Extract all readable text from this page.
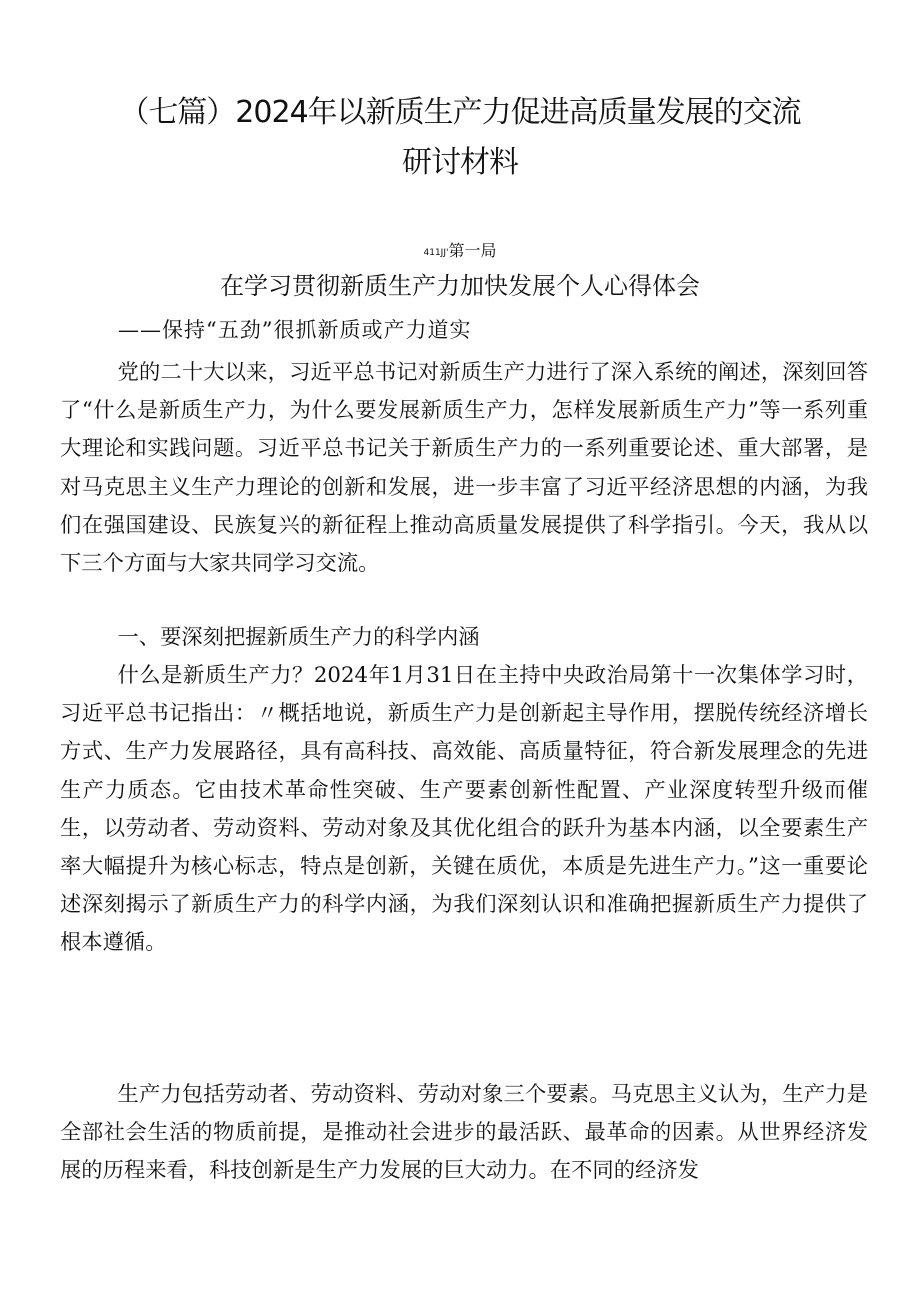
（七篇）2024年以新质生产力促进高质量发展的交流
研讨材料
411JJ'第一局
在学习贯彻新质生产力加快发展个人心得体会
——保持“五劲”很抓新质或产力道实

党的二十大以来，习近平总书记对新质生产力进行了深入系统的阐述，深刻回答了“什么是新质生产力，为什么要发展新质生产力，怎样发展新质生产力”等一系列重大理论和实践问题。习近平总书记关于新质生产力的一系列重要论述、重大部署，是对马克思主义生产力理论的创新和发展，进一步丰富了习近平经济思想的内涵，为我们在强国建设、民族复兴的新征程上推动高质量发展提供了科学指引。今天，我从以下三个方面与大家共同学习交流。

一、要深刻把握新质生产力的科学内涵

什么是新质生产力？2024年1月31日在主持中央政治局第十一次集体学习时，习近平总书记指出：〃概括地说，新质生产力是创新起主导作用，摆脱传统经济增长方式、生产力发展路径，具有高科技、高效能、高质量特征，符合新发展理念的先进生产力质态。它由技术革命性突破、生产要素创新性配置、产业深度转型升级而催生，以劳动者、劳动资料、劳动对象及其优化组合的跃升为基本内涵，以全要素生产率大幅提升为核心标志，特点是创新，关键在质优，本质是先进生产力。”这一重要论述深刻揭示了新质生产力的科学内涵，为我们深刻认识和准确把握新质生产力提供了根本遵循。

生产力包括劳动者、劳动资料、劳动对象三个要素。马克思主义认为，生产力是全部社会生活的物质前提，是推动社会进步的最活跃、最革命的因素。从世界经济发展的历程来看，科技创新是生产力发展的巨大动力。在不同的经济发
